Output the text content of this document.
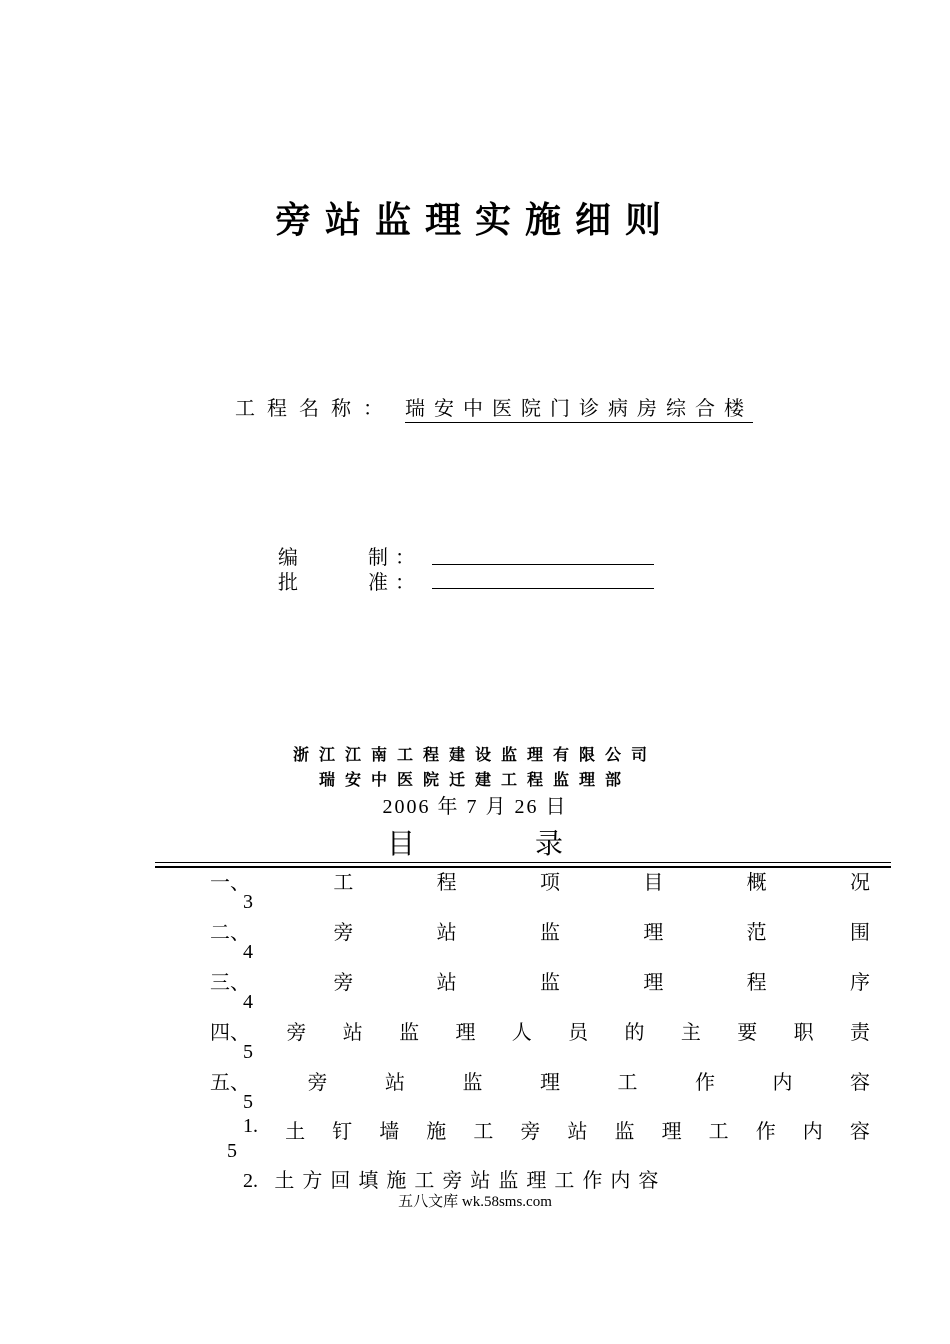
旁站监理实施细则
工程名称： 瑞安中医院门诊病房综合楼
编	制 ：
批	准 ：
浙江江南工程建设监理有限公司
瑞安中医院迁建工程监理部
2006 年 7 月 26 日
目	录
一、	工	程	项	目	概	况
3
二、	旁	站	监	理	范	围
4
三、	旁	站	监	理	程	序
4
四、 旁 站 监 理 人 员 的 主 要 职 责
5
五、	旁	站	监	理	工	作	内	容
5
1. 土 钉 墙 施 工 旁 站 监 理 工 作 内 容
5
2. 土方回填施工旁站监理工作内容
五八文库 wk.58sms.com
